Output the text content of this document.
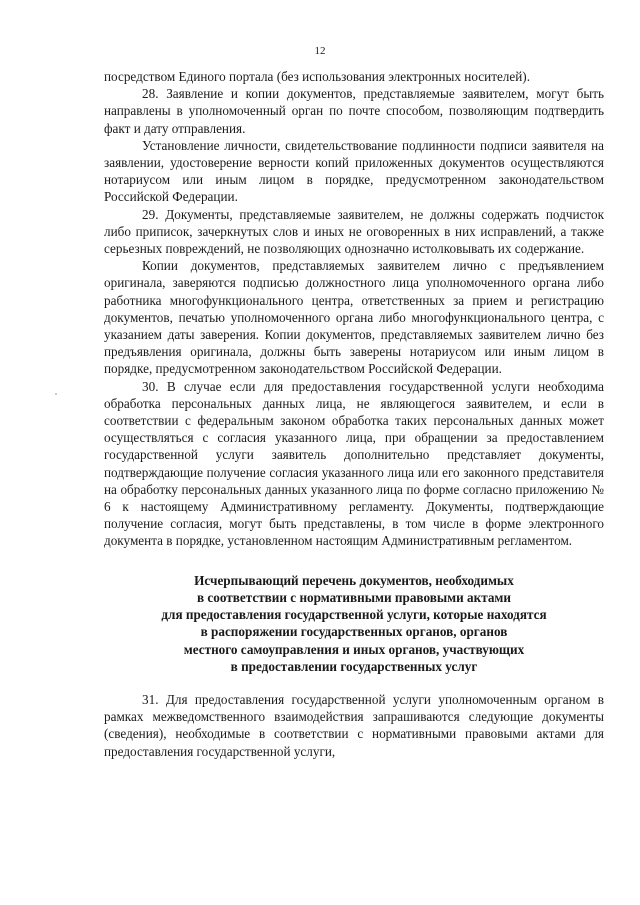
12

посредством Единого портала (без использования электронных носителей).

28. Заявление и копии документов, представляемые заявителем, могут быть направлены в уполномоченный орган по почте способом, позволяющим подтвердить факт и дату отправления.

Установление личности, свидетельствование подлинности подписи заявителя на заявлении, удостоверение верности копий приложенных документов осуществляются нотариусом или иным лицом в порядке, предусмотренном законодательством Российской Федерации.

29. Документы, представляемые заявителем, не должны содержать подчисток либо приписок, зачеркнутых слов и иных не оговоренных в них исправлений, а также серьезных повреждений, не позволяющих однозначно истолковывать их содержание.

Копии документов, представляемых заявителем лично с предъявлением оригинала, заверяются подписью должностного лица уполномоченного органа либо работника многофункционального центра, ответственных за прием и регистрацию документов, печатью уполномоченного органа либо многофункционального центра, с указанием даты заверения. Копии документов, представляемых заявителем лично без предъявления оригинала, должны быть заверены нотариусом или иным лицом в порядке, предусмотренном законодательством Российской Федерации.

30. В случае если для предоставления государственной услуги необходима обработка персональных данных лица, не являющегося заявителем, и если в соответствии с федеральным законом обработка таких персональных данных может осуществляться с согласия указанного лица, при обращении за предоставлением государственной услуги заявитель дополнительно представляет документы, подтверждающие получение согласия указанного лица или его законного представителя на обработку персональных данных указанного лица по форме согласно приложению № 6 к настоящему Административному регламенту. Документы, подтверждающие получение согласия, могут быть представлены, в том числе в форме электронного документа в порядке, установленном настоящим Административным регламентом.

Исчерпывающий перечень документов, необходимых
в соответствии с нормативными правовыми актами
для предоставления государственной услуги, которые находятся
в распоряжении государственных органов, органов
местного самоуправления и иных органов, участвующих
в предоставлении государственных услуг

31. Для предоставления государственной услуги уполномоченным органом в рамках межведомственного взаимодействия запрашиваются следующие документы (сведения), необходимые в соответствии с нормативными правовыми актами для предоставления государственной услуги,
